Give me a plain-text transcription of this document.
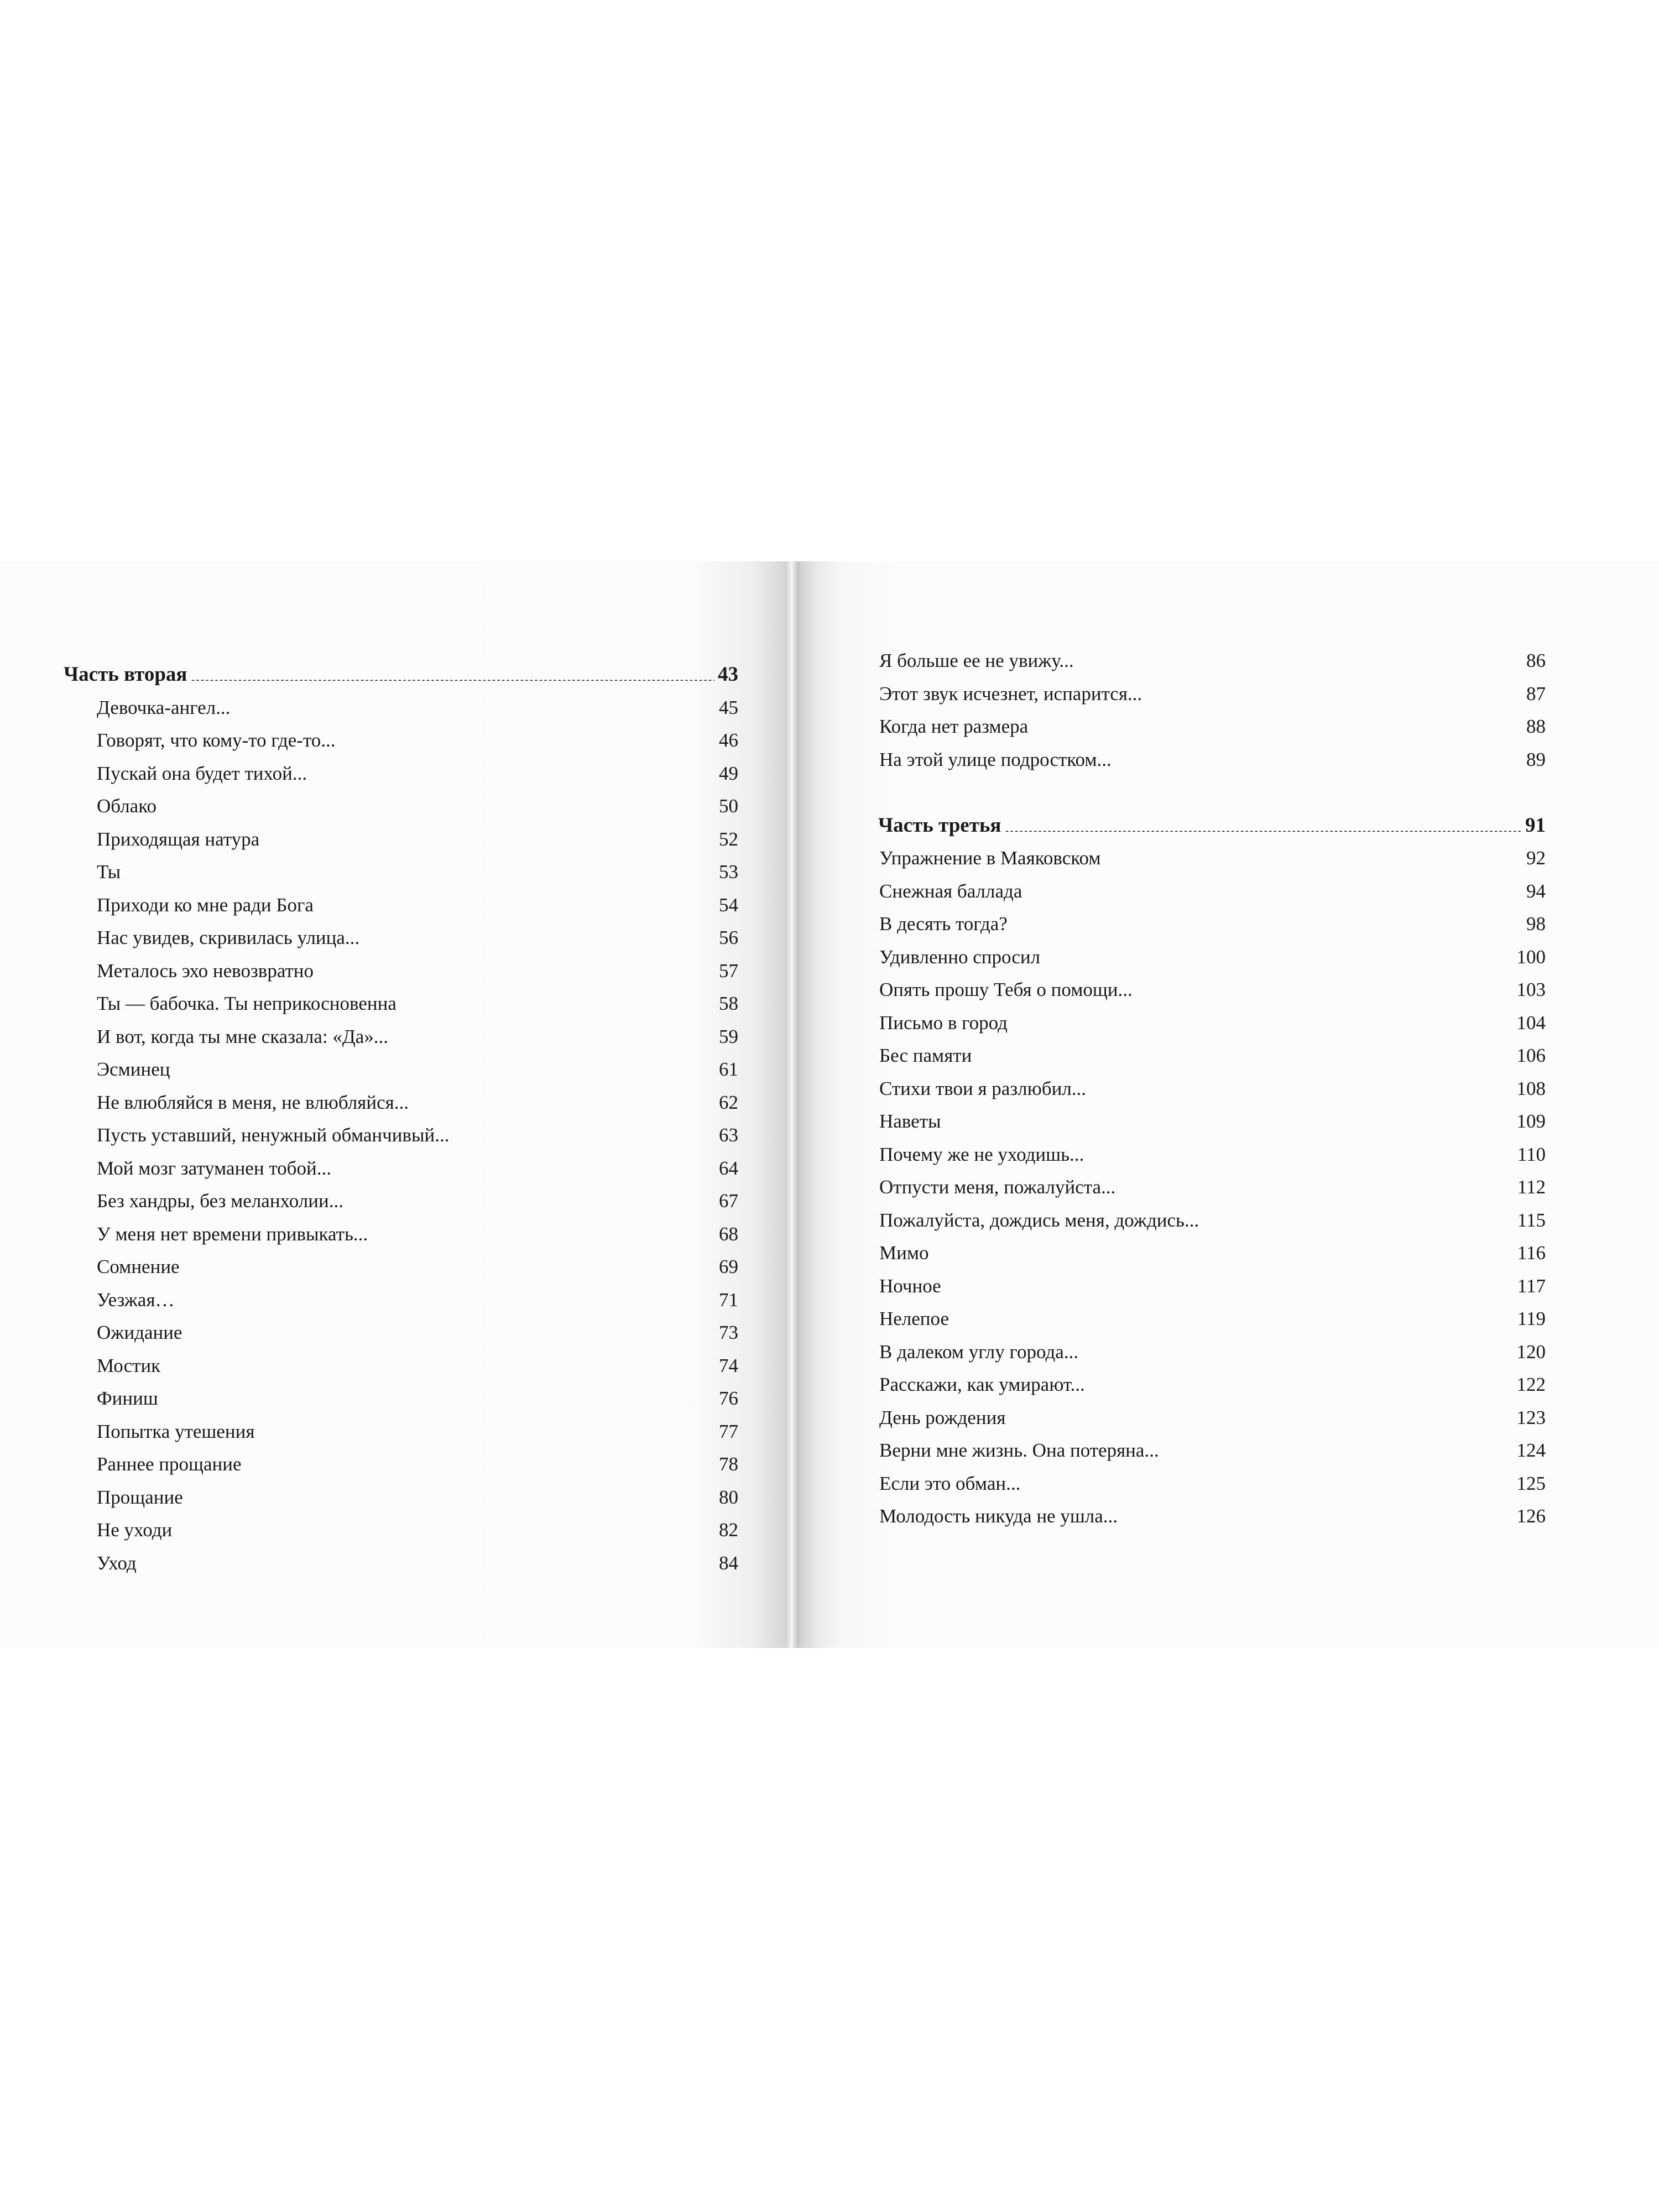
Часть вторая . . .	43
Девочка-ангел... . . .	45
Говорят, что кому-то где-то... . . .	46
Пускай она будет тихой... . . .	49
Облако . . .	50
Приходящая натура . . .	52
Ты . . .	53
Приходи ко мне ради Бога . . .	54
Нас увидев, скривилась улица... . . .	56
Металось эхо невозвратно . . .	57
Ты — бабочка. Ты неприкосновенна . . .	58
И вот, когда ты мне сказала: «Да»... . . .	59
Эсминец . . .	61
Не влюбляйся в меня, не влюбляйся... . . .	62
Пусть уставший, ненужный обманчивый... . . .	63
Мой мозг затуманен тобой... . . .	64
Без хандры, без меланхолии... . . .	67
У меня нет времени привыкать... . . .	68
Сомнение . . .	69
Уезжая… . . .	71
Ожидание . . .	73
Мостик . . .	74
Финиш . . .	76
Попытка утешения . . .	77
Раннее прощание . . .	78
Прощание . . .	80
Не уходи . . .	82
Уход . . .	84
Я больше ее не увижу... . . .	86
Этот звук исчезнет, испарится... . . .	87
Когда нет размера . . .	88
На этой улице подростком... . . .	89
Часть третья . . .	91
Упражнение в Маяковском . . .	92
Снежная баллада . . .	94
В десять тогда? . . .	98
Удивленно спросил . . .	100
Опять прошу Тебя о помощи... . . .	103
Письмо в город . . .	104
Бес памяти . . .	106
Стихи твои я разлюбил... . . .	108
Наветы . . .	109
Почему же не уходишь... . . .	110
Отпусти меня, пожалуйста... . . .	112
Пожалуйста, дождись меня, дождись... . . .	115
Мимо . . .	116
Ночное . . .	117
Нелепое . . .	119
В далеком углу города... . . .	120
Расскажи, как умирают... . . .	122
День рождения . . .	123
Верни мне жизнь. Она потеряна... . . .	124
Если это обман... . . .	125
Молодость никуда не ушла... . . .	126
